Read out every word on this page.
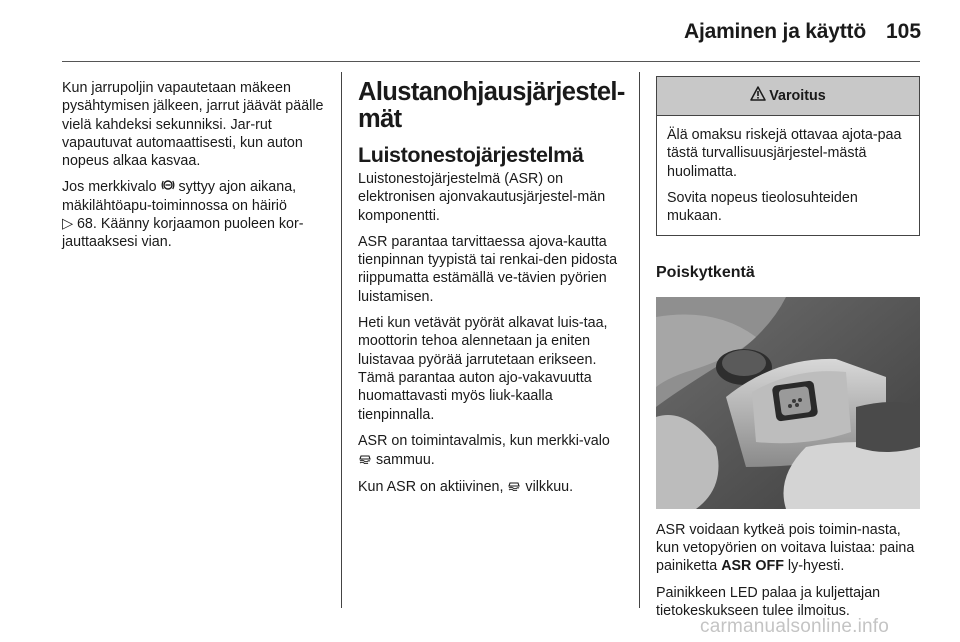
Ajaminen ja käyttö 105

Kun jarrupoljin vapautetaan mäkeen pysähtymisen jälkeen, jarrut jäävät päälle vielä kahdeksi sekunniksi. Jar-rut vapautuvat automaattisesti, kun auton nopeus alkaa kasvaa.

Jos merkkivalo syttyy ajon aikana, mäkilähtöapu-toiminnossa on häiriö
▷ 68. Käänny korjaamon puoleen kor-jauttaaksesi vian.

Alustanohjausjärjestel-mät
Luistonestojärjestelmä

Luistonestojärjestelmä (ASR) on elektronisen ajonvakautusjärjestel-män komponentti.

ASR parantaa tarvittaessa ajova-kautta tienpinnan tyypistä tai renkai-den pidosta riippumatta estämällä ve-tävien pyörien luistamisen.

Heti kun vetävät pyörät alkavat luis-taa, moottorin tehoa alennetaan ja eniten luistavaa pyörää jarrutetaan erikseen. Tämä parantaa auton ajo-vakavuutta huomattavasti myös liuk-kaalla tienpinnalla.

ASR on toimintavalmis, kun merkki-valo  sammuu.

Kun ASR on aktiivinen, vilkkuu.

Varoitus

Älä omaksu riskejä ottavaa ajota-paa tästä turvallisuusjärjestel-mästä huolimatta.

Sovita nopeus tieolosuhteiden mukaan.

Poiskytkentä

ASR voidaan kytkeä pois toimin-nasta, kun vetopyörien on voitava luistaa: paina painiketta ASR OFF ly-hyesti.

Painikkeen LED palaa ja kuljettajan tietokeskukseen tulee ilmoitus.

carmanualsonline.info
